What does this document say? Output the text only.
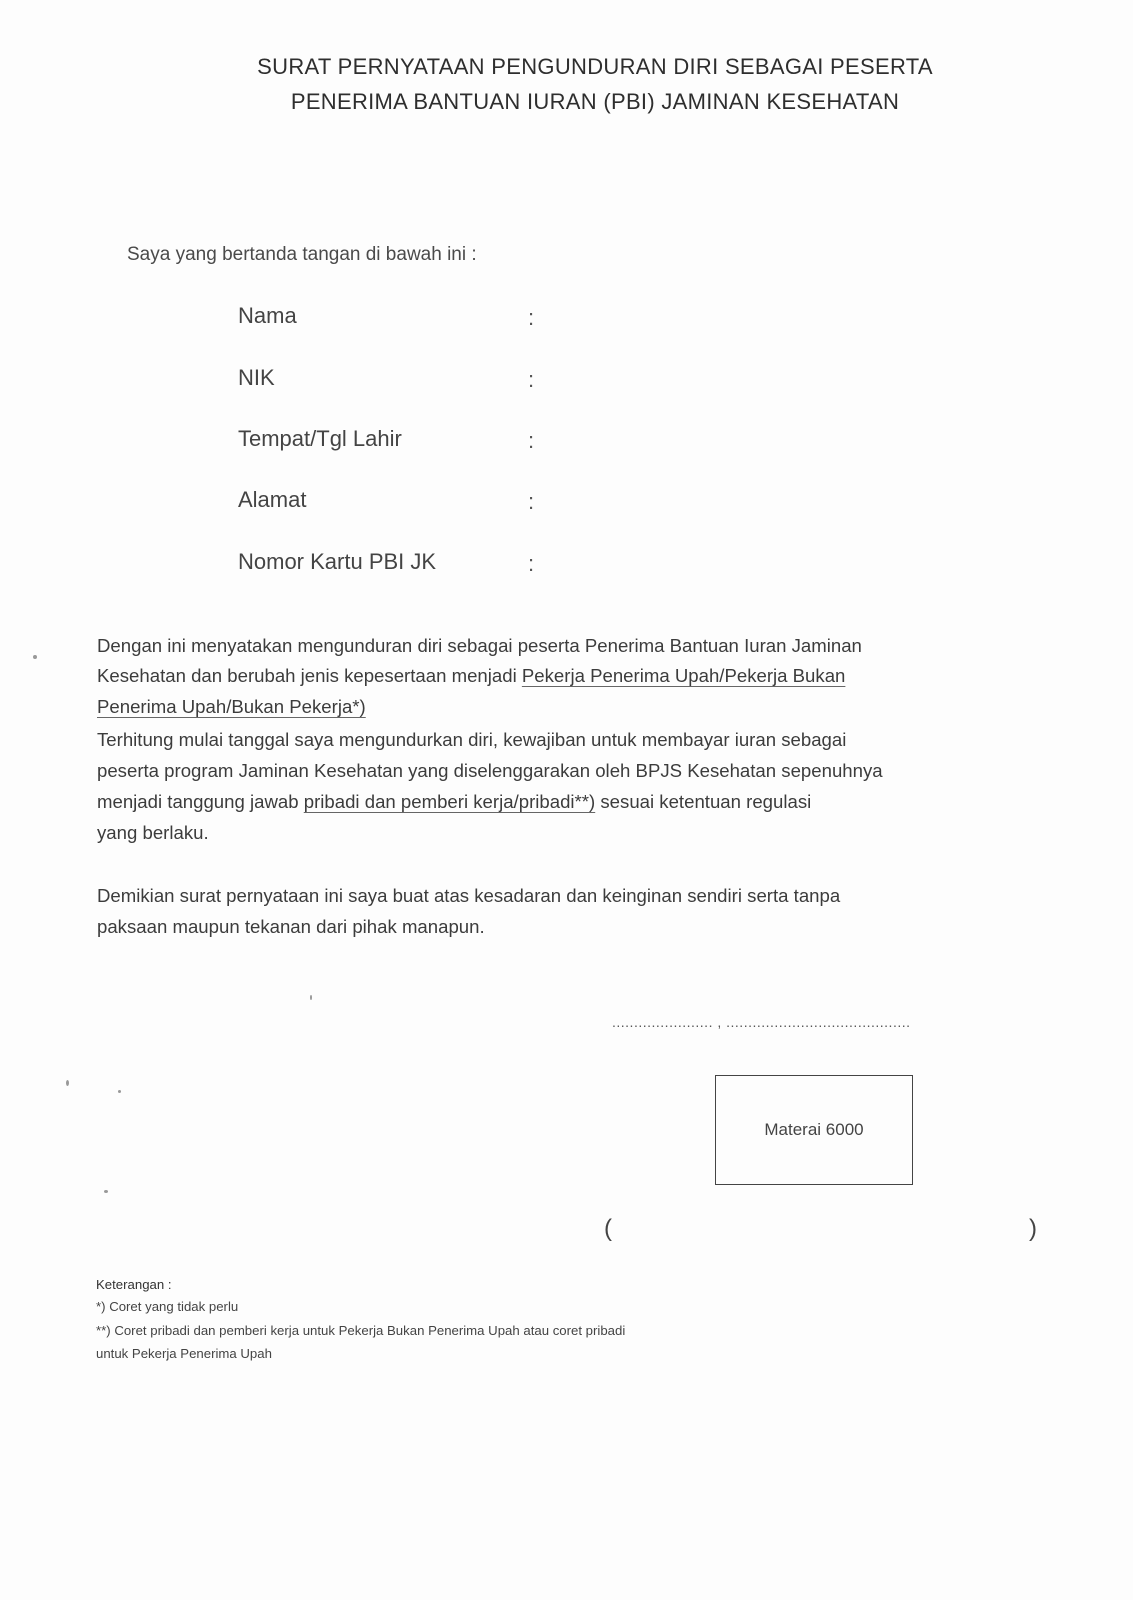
SURAT PERNYATAAN PENGUNDURAN DIRI SEBAGAI PESERTA
PENERIMA BANTUAN IURAN (PBI) JAMINAN KESEHATAN
Saya yang bertanda tangan di bawah ini :
Nama	:
NIK	:
Tempat/Tgl Lahir	:
Alamat	:
Nomor Kartu PBI JK	:
Dengan ini menyatakan mengunduran diri sebagai peserta Penerima Bantuan Iuran Jaminan
Kesehatan dan berubah jenis kepesertaan menjadi Pekerja Penerima Upah/Pekerja Bukan
Penerima Upah/Bukan Pekerja*)
Terhitung mulai tanggal saya mengundurkan diri, kewajiban untuk membayar iuran sebagai
peserta program Jaminan Kesehatan yang diselenggarakan oleh BPJS Kesehatan sepenuhnya
menjadi tanggung jawab pribadi dan pemberi kerja/pribadi**) sesuai ketentuan regulasi
yang berlaku.
Demikian surat pernyataan ini saya buat atas kesadaran dan keinginan sendiri serta tanpa
paksaan maupun tekanan dari pihak manapun.
....................... , ..........................................
Materai 6000
(	)
Keterangan :
*) Coret yang tidak perlu
**) Coret pribadi dan pemberi kerja untuk Pekerja Bukan Penerima Upah atau coret pribadi
untuk Pekerja Penerima Upah
